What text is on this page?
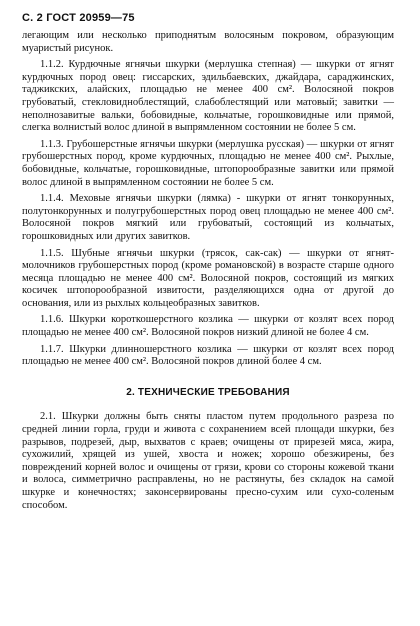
С. 2 ГОСТ 20959—75

легающим или несколько приподнятым волосяным покровом, образующим муаристый рисунок.

1.1.2. Курдючные ягнячьи шкурки (мерлушка степная) — шкурки от ягнят курдючных пород овец: гиссарских, эдильбаевских, джайдара, сараджинских, таджикских, алайских, площадью не менее 400 см². Волосяной покров грубоватый, стекловидноблестящий, слабоблестящий или матовый; завитки — неполнозавитые вальки, бобовидные, кольчатые, горошковидные или прямой, слегка волнистый волос длиной в выпрямленном состоянии не более 5 см.

1.1.3. Грубошерстные ягнячьи шкурки (мерлушка русская) — шкурки от ягнят грубошерстных пород, кроме курдючных, площадью не менее 400 см². Рыхлые, бобовидные, кольчатые, горошковидные, штопорообразные завитки или прямой волос длиной в выпрямленном состоянии не более 5 см.

1.1.4. Меховые ягнячьи шкурки (лямка) - шкурки от ягнят тонкорунных, полутонкорунных и полугрубошерстных пород овец площадью не менее 400 см². Волосяной покров мягкий или грубоватый, состоящий из кольчатых, горошковидных или других завитков.

1.1.5. Шубные ягнячьи шкурки (трясок, сак-сак) — шкурки от ягнят-молочников грубошерстных пород (кроме романовской) в возрасте старше одного месяца площадью не менее 400 см². Волосяной покров, состоящий из мягких косичек штопорообразной извитости, разделяющихся одна от другой до основания, или из рыхлых кольцеобразных завитков.

1.1.6. Шкурки короткошерстного козлика — шкурки от козлят всех пород площадью не менее 400 см². Волосяной покров низкий длиной не более 4 см.

1.1.7. Шкурки длинношерстного козлика — шкурки от козлят всех пород площадью не менее 400 см². Волосяной покров длиной более 4 см.

2. ТЕХНИЧЕСКИЕ ТРЕБОВАНИЯ

2.1. Шкурки должны быть сняты пластом путем продольного разреза по средней линии горла, груди и живота с сохранением всей площади шкурки, без разрывов, подрезей, дыр, выхватов с краев; очищены от прирезей мяса, жира, сухожилий, хрящей из ушей, хвоста и ножек; хорошо обезжирены, без повреждений корней волос и очищены от грязи, крови со стороны кожевой ткани и волоса, симметрично расправлены, но не растянуты, без складок на самой шкурке и конечностях; законсервированы пресно-сухим или сухо-соленым способом.
